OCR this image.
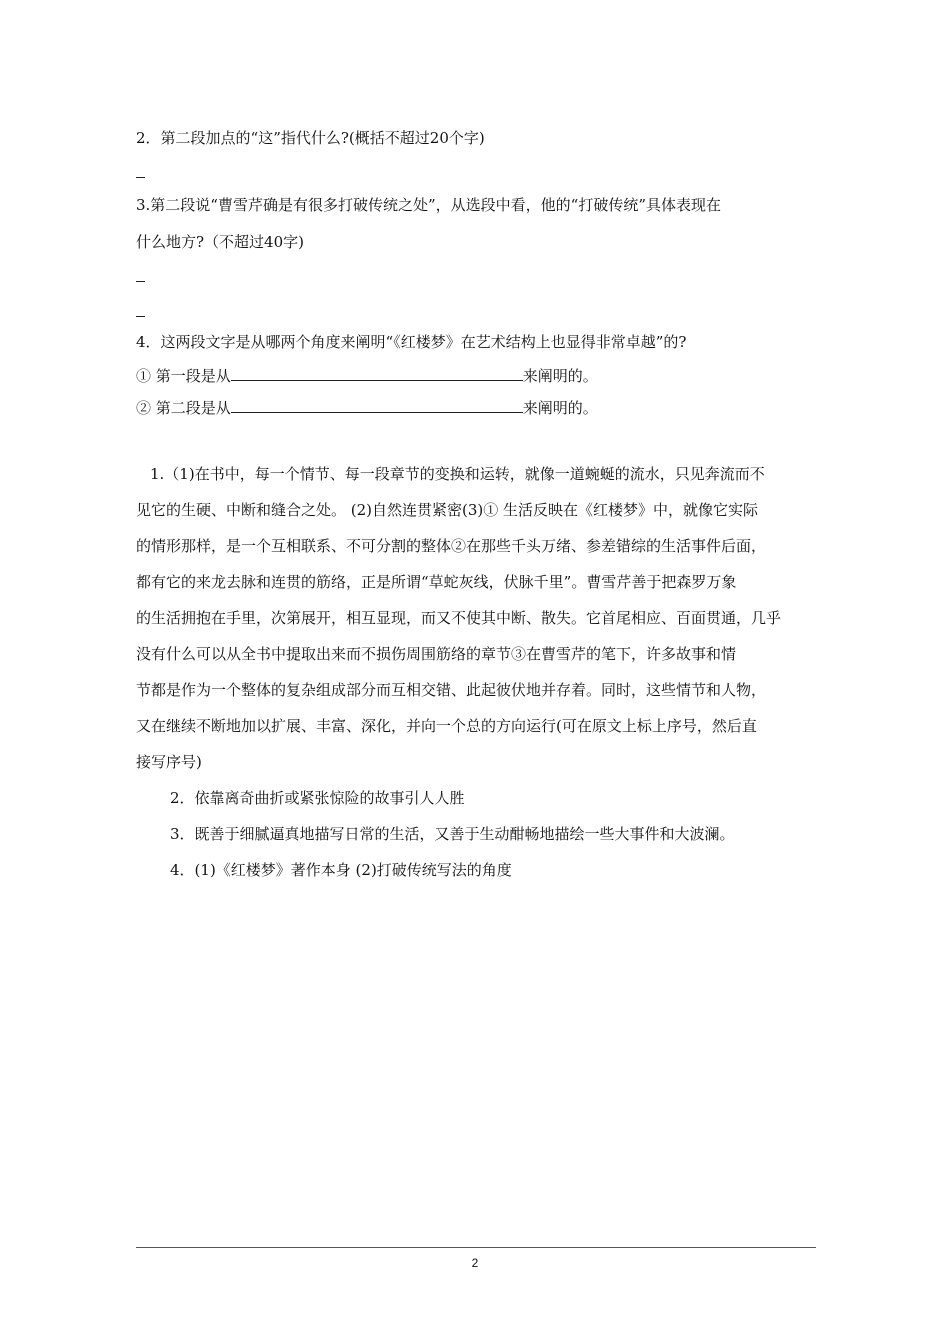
2．第二段加点的“这”指代什么?(概括不超过20个字)
3.第二段说“曹雪芹确是有很多打破传统之处”，从选段中看，他的“打破传统”具体表现在
什么地方?（不超过40字)
4．这两段文字是从哪两个角度来阐明“《红楼梦》在艺术结构上也显得非常卓越”的?
① 第一段是从	来阐明的。
② 第二段是从	来阐明的。
1.（1)在书中，每一个情节、每一段章节的变换和运转，就像一道蜿蜒的流水，只见奔流而不
见它的生硬、中断和缝合之处。 (2)自然连贯紧密(3)① 生活反映在《红楼梦》中，就像它实际
的情形那样，是一个互相联系、不可分割的整体②在那些千头万绪、参差错综的生活事件后面，
都有它的来龙去脉和连贯的筋络，正是所谓“草蛇灰线，伏脉千里”。曹雪芹善于把森罗万象
的生活拥抱在手里，次第展开，相互显现，而又不使其中断、散失。它首尾相应、百面贯通，几乎
没有什么可以从全书中提取出来而不损伤周围筋络的章节③在曹雪芹的笔下，许多故事和情
节都是作为一个整体的复杂组成部分而互相交错、此起彼伏地并存着。同时，这些情节和人物，
又在继续不断地加以扩展、丰富、深化，并向一个总的方向运行(可在原文上标上序号，然后直
接写序号)
2．依靠离奇曲折或紧张惊险的故事引人人胜
3．既善于细腻逼真地描写日常的生活，又善于生动酣畅地描绘一些大事件和大波澜。
4．(1)《红楼梦》著作本身 (2)打破传统写法的角度
2
